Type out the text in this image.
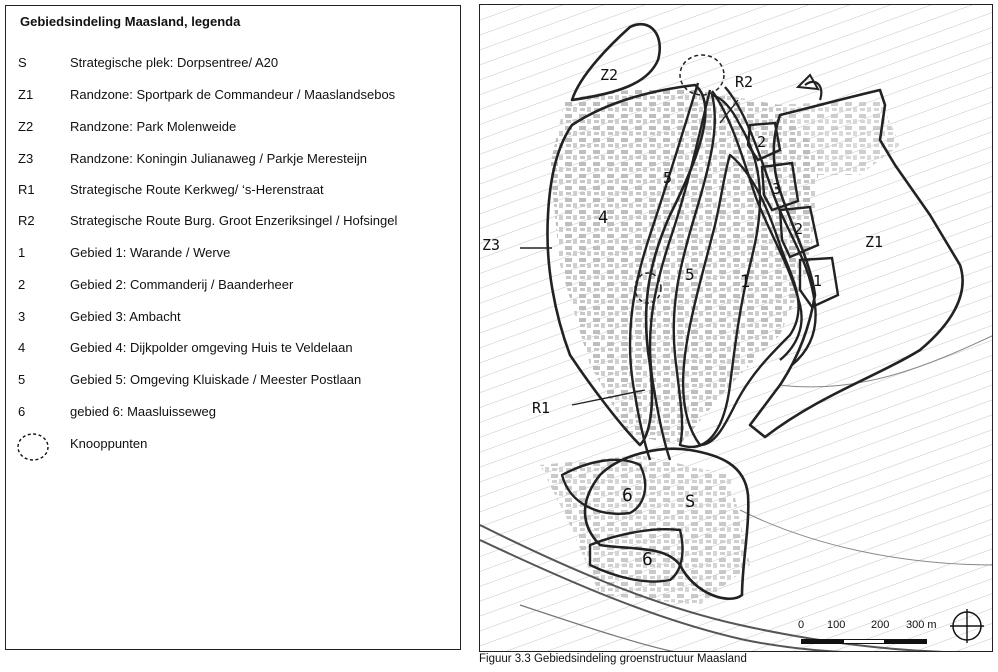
Gebiedsindeling Maasland, legenda
S	Strategische plek: Dorpsentree/ A20
Z1	Randzone: Sportpark de Commandeur / Maaslandsebos
Z2	Randzone: Park Molenweide
Z3	Randzone: Koningin Julianaweg / Parkje Meresteijn
R1	Strategische Route Kerkweg/ ‘s-Herenstraat
R2	Strategische Route Burg. Groot Enzeriksingel / Hofsingel
1	Gebied 1: Warande / Werve
2	Gebied 2: Commanderij / Baanderheer
3	Gebied 3: Ambacht
4	Gebied 4: Dijkpolder omgeving Huis te Veldelaan
5	Gebied 5: Omgeving Kluiskade / Meester Postlaan
6	gebied 6: Maasluisseweg
Knooppunten
Z2	R2
Z3	Z1
R1
S
4
5
5	1
2
3
2
1
6
6
0 100 200 300 m
Figuur 3.3 Gebiedsindeling groenstructuur Maasland
